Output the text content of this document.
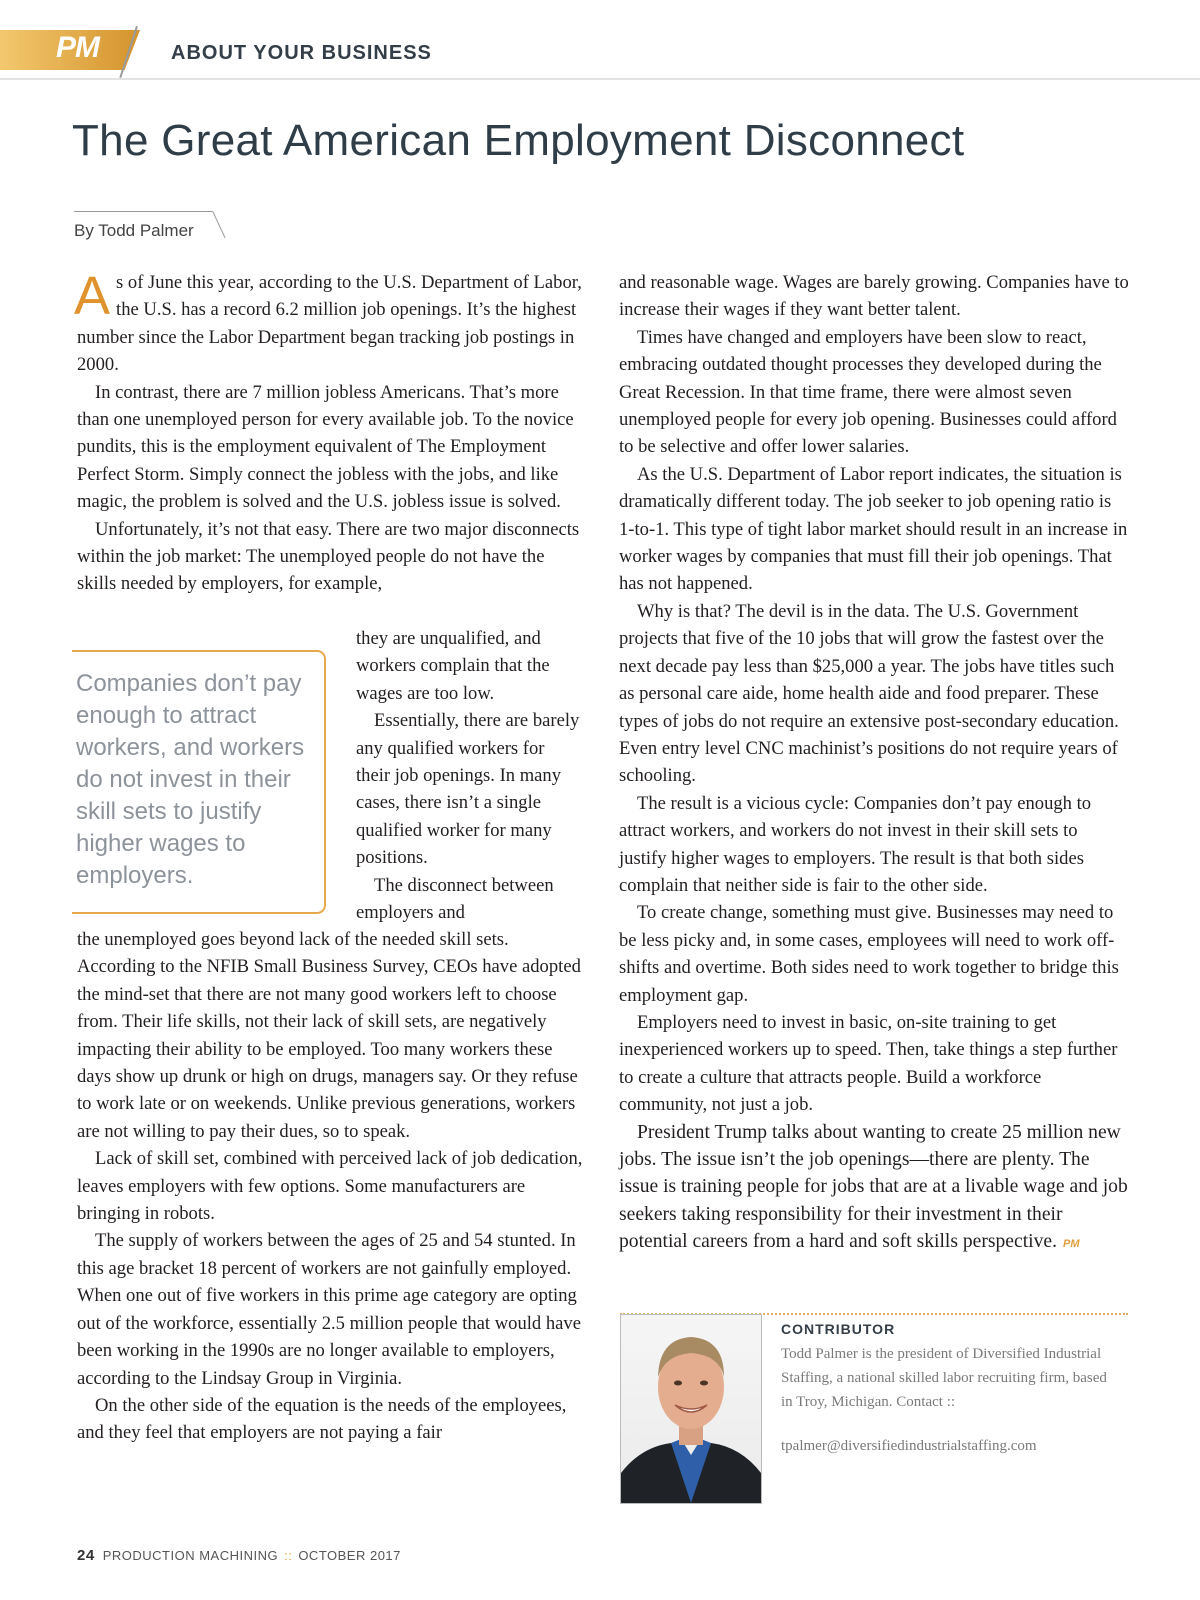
PM	ABOUT YOUR BUSINESS
The Great American Employment Disconnect
By Todd Palmer

As of June this year, according to the U.S. Department of Labor, the U.S. has a record 6.2 million job openings. It’s the highest number since the Labor Department began tracking job postings in 2000.

In contrast, there are 7 million jobless Americans. That’s more than one unemployed person for every available job. To the novice pundits, this is the employment equivalent of The Employment Perfect Storm. Simply connect the jobless with the jobs, and like magic, the problem is solved and the U.S. jobless issue is solved.

Unfortunately, it’s not that easy. There are two major disconnects within the job market: The unemployed people do not have the skills needed by employers, for example,

Companies don’t pay enough to attract workers, and workers do not invest in their skill sets to justify higher wages to employers.

they are unqualified, and workers complain that the wages are too low.

Essentially, there are barely any qualified workers for their job openings. In many cases, there isn’t a single qualified worker for many positions.

The disconnect between employers and

the unemployed goes beyond lack of the needed skill sets. According to the NFIB Small Business Survey, CEOs have adopted the mind-set that there are not many good workers left to choose from. Their life skills, not their lack of skill sets, are negatively impacting their ability to be employed. Too many workers these days show up drunk or high on drugs, managers say. Or they refuse to work late or on weekends. Unlike previous generations, workers are not willing to pay their dues, so to speak.

Lack of skill set, combined with perceived lack of job dedication, leaves employers with few options. Some manufacturers are bringing in robots.

The supply of workers between the ages of 25 and 54 stunted. In this age bracket 18 percent of workers are not gainfully employed. When one out of five workers in this prime age category are opting out of the workforce, essentially 2.5 million people that would have been working in the 1990s are no longer available to employers, according to the Lindsay Group in Virginia.

On the other side of the equation is the needs of the employees, and they feel that employers are not paying a fair

and reasonable wage. Wages are barely growing. Companies have to increase their wages if they want better talent.

Times have changed and employers have been slow to react, embracing outdated thought processes they developed during the Great Recession. In that time frame, there were almost seven unemployed people for every job opening. Businesses could afford to be selective and offer lower salaries.

As the U.S. Department of Labor report indicates, the situation is dramatically different today. The job seeker to job opening ratio is 1-to-1. This type of tight labor market should result in an increase in worker wages by companies that must fill their job openings. That has not happened.

Why is that? The devil is in the data. The U.S. Government projects that five of the 10 jobs that will grow the fastest over the next decade pay less than $25,000 a year. The jobs have titles such as personal care aide, home health aide and food preparer. These types of jobs do not require an extensive post-secondary education. Even entry level CNC machinist’s positions do not require years of schooling.

The result is a vicious cycle: Companies don’t pay enough to attract workers, and workers do not invest in their skill sets to justify higher wages to employers. The result is that both sides complain that neither side is fair to the other side.

To create change, something must give. Businesses may need to be less picky and, in some cases, employees will need to work off-shifts and overtime. Both sides need to work together to bridge this employment gap.

Employers need to invest in basic, on-site training to get inexperienced workers up to speed. Then, take things a step further to create a culture that attracts people. Build a workforce community, not just a job.

President Trump talks about wanting to create 25 million new jobs. The issue isn’t the job openings—there are plenty. The issue is training people for jobs that are at a livable wage and job seekers taking responsibility for their investment in their potential careers from a hard and soft skills perspective. PM

CONTRIBUTOR

Todd Palmer is the president of Diversified Industrial Staffing, a national skilled labor recruiting firm, based in Troy, Michigan. Contact ::

tpalmer@diversifiedindustrialstaffing.com
24 PRODUCTION MACHINING :: OCTOBER 2017
